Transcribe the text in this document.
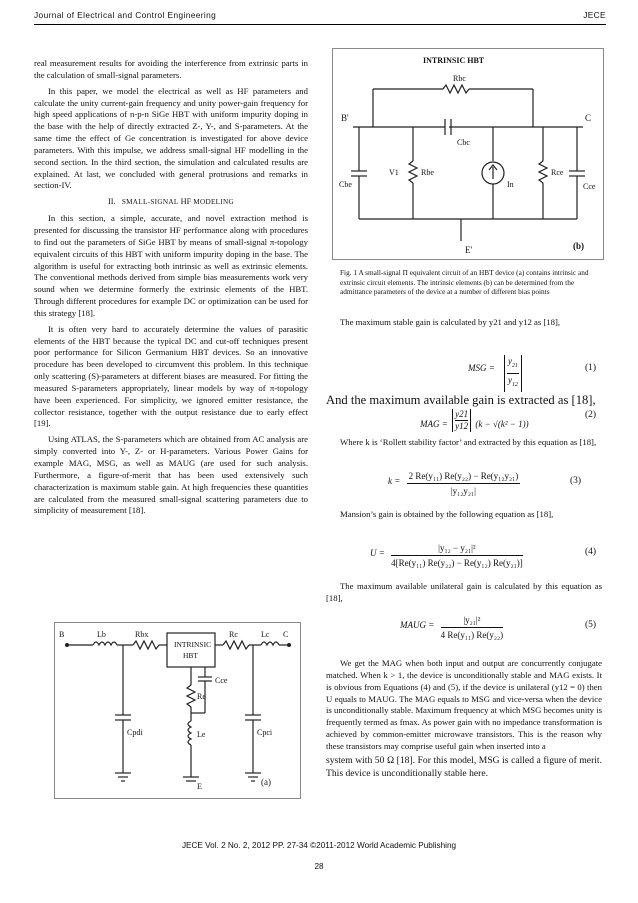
Journal of Electrical and Control Engineering	JECE

real measurement results for avoiding the interference from extrinsic parts in the calculation of small-signal parameters.

In this paper, we model the electrical as well as HF parameters and calculate the unity current-gain frequency and unity power-gain frequency for high speed applications of n-p-n SiGe HBT with uniform impurity doping in the base with the help of directly extracted Z-, Y-, and S-parameters. At the same time the effect of Ge concentration is investigated for above device parameters. With this impulse, we address small-signal HF modelling in the second section. In the third section, the simulation and calculated results are explained. At last, we concluded with general protrusions and remarks in section-IV.

II. SMALL-SIGNAL HF MODELING

In this section, a simple, accurate, and novel extraction method is presented for discussing the transistor HF performance along with procedures to find out the parameters of SiGe HBT by means of small-signal π-topology equivalent circuits of this HBT with uniform impurity doping in the base. The algorithm is useful for extracting both intrinsic as well as extrinsic elements. The conventional methods derived from simple bias measurements work very sound when we determine formerly the extrinsic elements of the HBT. Through different procedures for example DC or optimization can be used for this strategy [18].

It is often very hard to accurately determine the values of parasitic elements of the HBT because the typical DC and cut-off techniques present poor performance for Silicon Germanium HBT devices. So an innovative procedure has been developed to circumvent this problem. In this technique only scattering (S)-parameters at different biases are measured. For fitting the measured S-parameters appropriately, linear models by way of π-topology have been experienced. For simplicity, we ignored emitter resistance, the collector resistance, together with the output resistance due to early effect [19].

Using ATLAS, the S-parameters which are obtained from AC analysis are simply converted into Y-, Z- or H-parameters. Various Power Gains for example MAG, MSG, as well as MAUG (are used for such analysis. Furthermore, a figure-of-merit that has been used extensively such characterization is maximum stable gain. At high frequencies these quantities are calculated from the measured small-signal scattering parameters due to simplicity of measurement [18].

B	Lb	Rbx
INTRINSIC
HBT
Rc	Lc C
Cce
Re
Le
Cpdi	Cpci
E	(a)
INTRINSIC HBT
Rbc
Cbc
B'	C
Cbe
V1	Rbe
In
Rce
Cce
E'	(b)
Fig. 1 A small-signal Π equivalent circuit of an HBT device (a) contains intrinsic and extrinsic circuit elements. The intrinsic elements (b) can be determined from the admittance parameters of the device at a number of different bias points

The maximum stable gain is calculated by y21 and y12 as [18],

MSG =
$y_{21}$
$y_{12}$
(1)
And the maximum available gain is extracted as [18],
MAG = $\frac{y21}{y12} (k - √(k^2 - 1))$
(2)

Where k is ‘Rollett stability factor’ and extracted by this equation as [18],

$k = \frac{\text{2 Re(y₁₁) Re(y₂₂) − Re(y₁₂y₂₁)}}{\text{|y₁₂y₂₁|}}$	(3)

Mansion’s gain is obtained by the following equation as [18],

$U = \frac{\text{|y₁₂ − y₂₁|²}}{\text{4[Re(y₁₁) Re(y₂₂) − Re(y₁₂) Re(y₂₁)]}}$	(4)

The maximum available unilateral gain is calculated by this equation as [18],

MAUG = $\frac{\text{|y₂₁|²}}{\text{4 Re(y₁₁) Re(y₂₂)}}$	(5)

We get the MAG when both input and output are concurrently conjugate matched. When k > 1, the device is unconditionally stable and MAG exists. It is obvious from Equations (4) and (5), if the device is unilateral (y12 = 0) then U equals to MAUG. The MAG equals to MSG and vice-versa when the device is unconditionally stable. Maximum frequency at which MSG becomes unity is frequently termed as fmax. As power gain with no impedance transformation is achieved by common-emitter microwave transistors. This is the reason why these transistors may comprise useful gain when inserted into a

system with 50 Ω [18]. For this model, MSG is called a figure of merit. This device is unconditionally stable here.

JECE Vol. 2 No. 2, 2012 PP. 27-34 ©2011-2012 World Academic Publishing
28
